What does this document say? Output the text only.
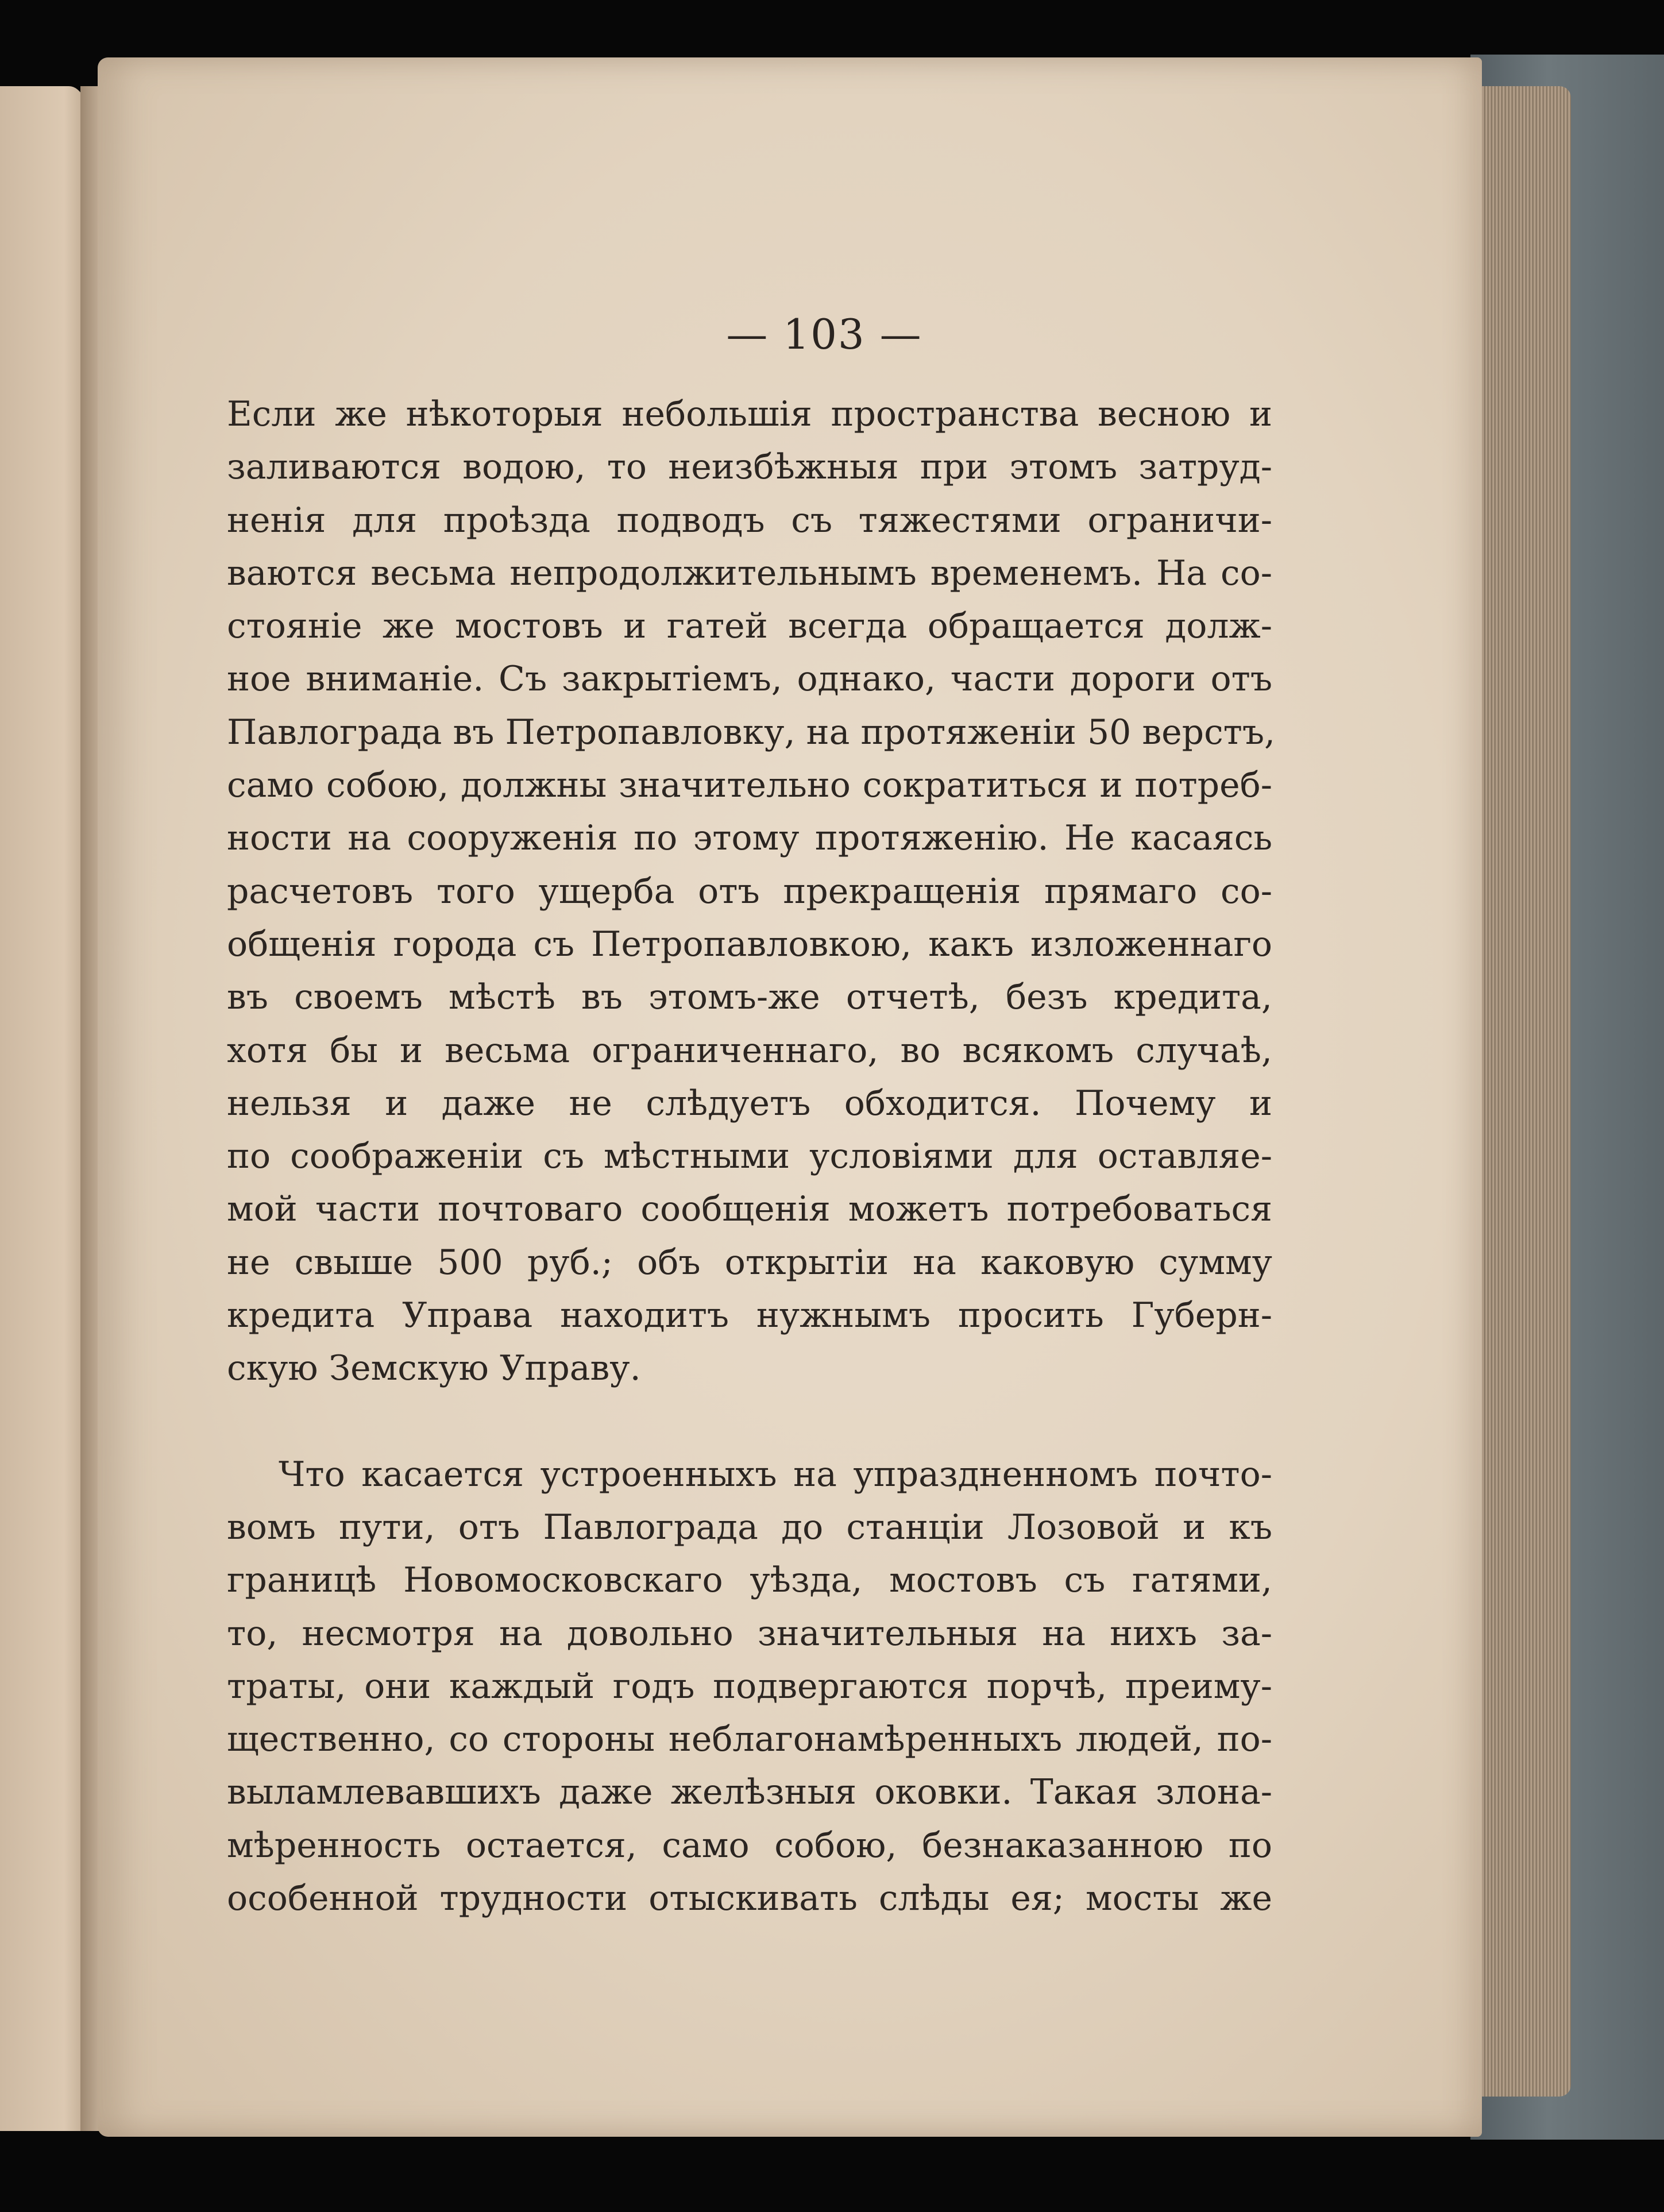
— 103 —
Если же нѣкоторыя небольшія пространства весною и
заливаются водою, то неизбѣжныя при этомъ затруд-
ненія для проѣзда подводъ съ тяжестями ограничи-
ваются весьма непродолжительнымъ временемъ. На со-
стояніе же мостовъ и гатей всегда обращается долж-
ное вниманіе. Съ закрытіемъ, однако, части дороги отъ
Павлограда въ Петропавловку, на протяженіи 50 верстъ,
само собою, должны значительно сократиться и потреб-
ности на сооруженія по этому протяженію. Не касаясь
расчетовъ того ущерба отъ прекращенія прямаго со-
общенія города съ Петропавловкою, какъ изложеннаго
въ своемъ мѣстѣ въ этомъ-же отчетѣ, безъ кредита,
хотя бы и весьма ограниченнаго, во всякомъ случаѣ,
нельзя и даже не слѣдуетъ обходится. Почему и
по соображеніи съ мѣстными условіями для оставляе-
мой части почтоваго сообщенія можетъ потребоваться
не свыше 500 руб.; объ открытіи на каковую сумму
кредита Управа находитъ нужнымъ просить Губерн-
скую Земскую Управу.
Что касается устроенныхъ на упраздненномъ почто-
вомъ пути, отъ Павлограда до станціи Лозовой и къ
границѣ Новомосковскаго уѣзда, мостовъ съ гатями,
то, несмотря на довольно значительныя на нихъ за-
траты, они каждый годъ подвергаются порчѣ, преиму-
щественно, со стороны неблагонамѣренныхъ людей, по-
выламлевавшихъ даже желѣзныя оковки. Такая злона-
мѣренность остается, само собою, безнаказанною по
особенной трудности отыскивать слѣды ея; мосты же
